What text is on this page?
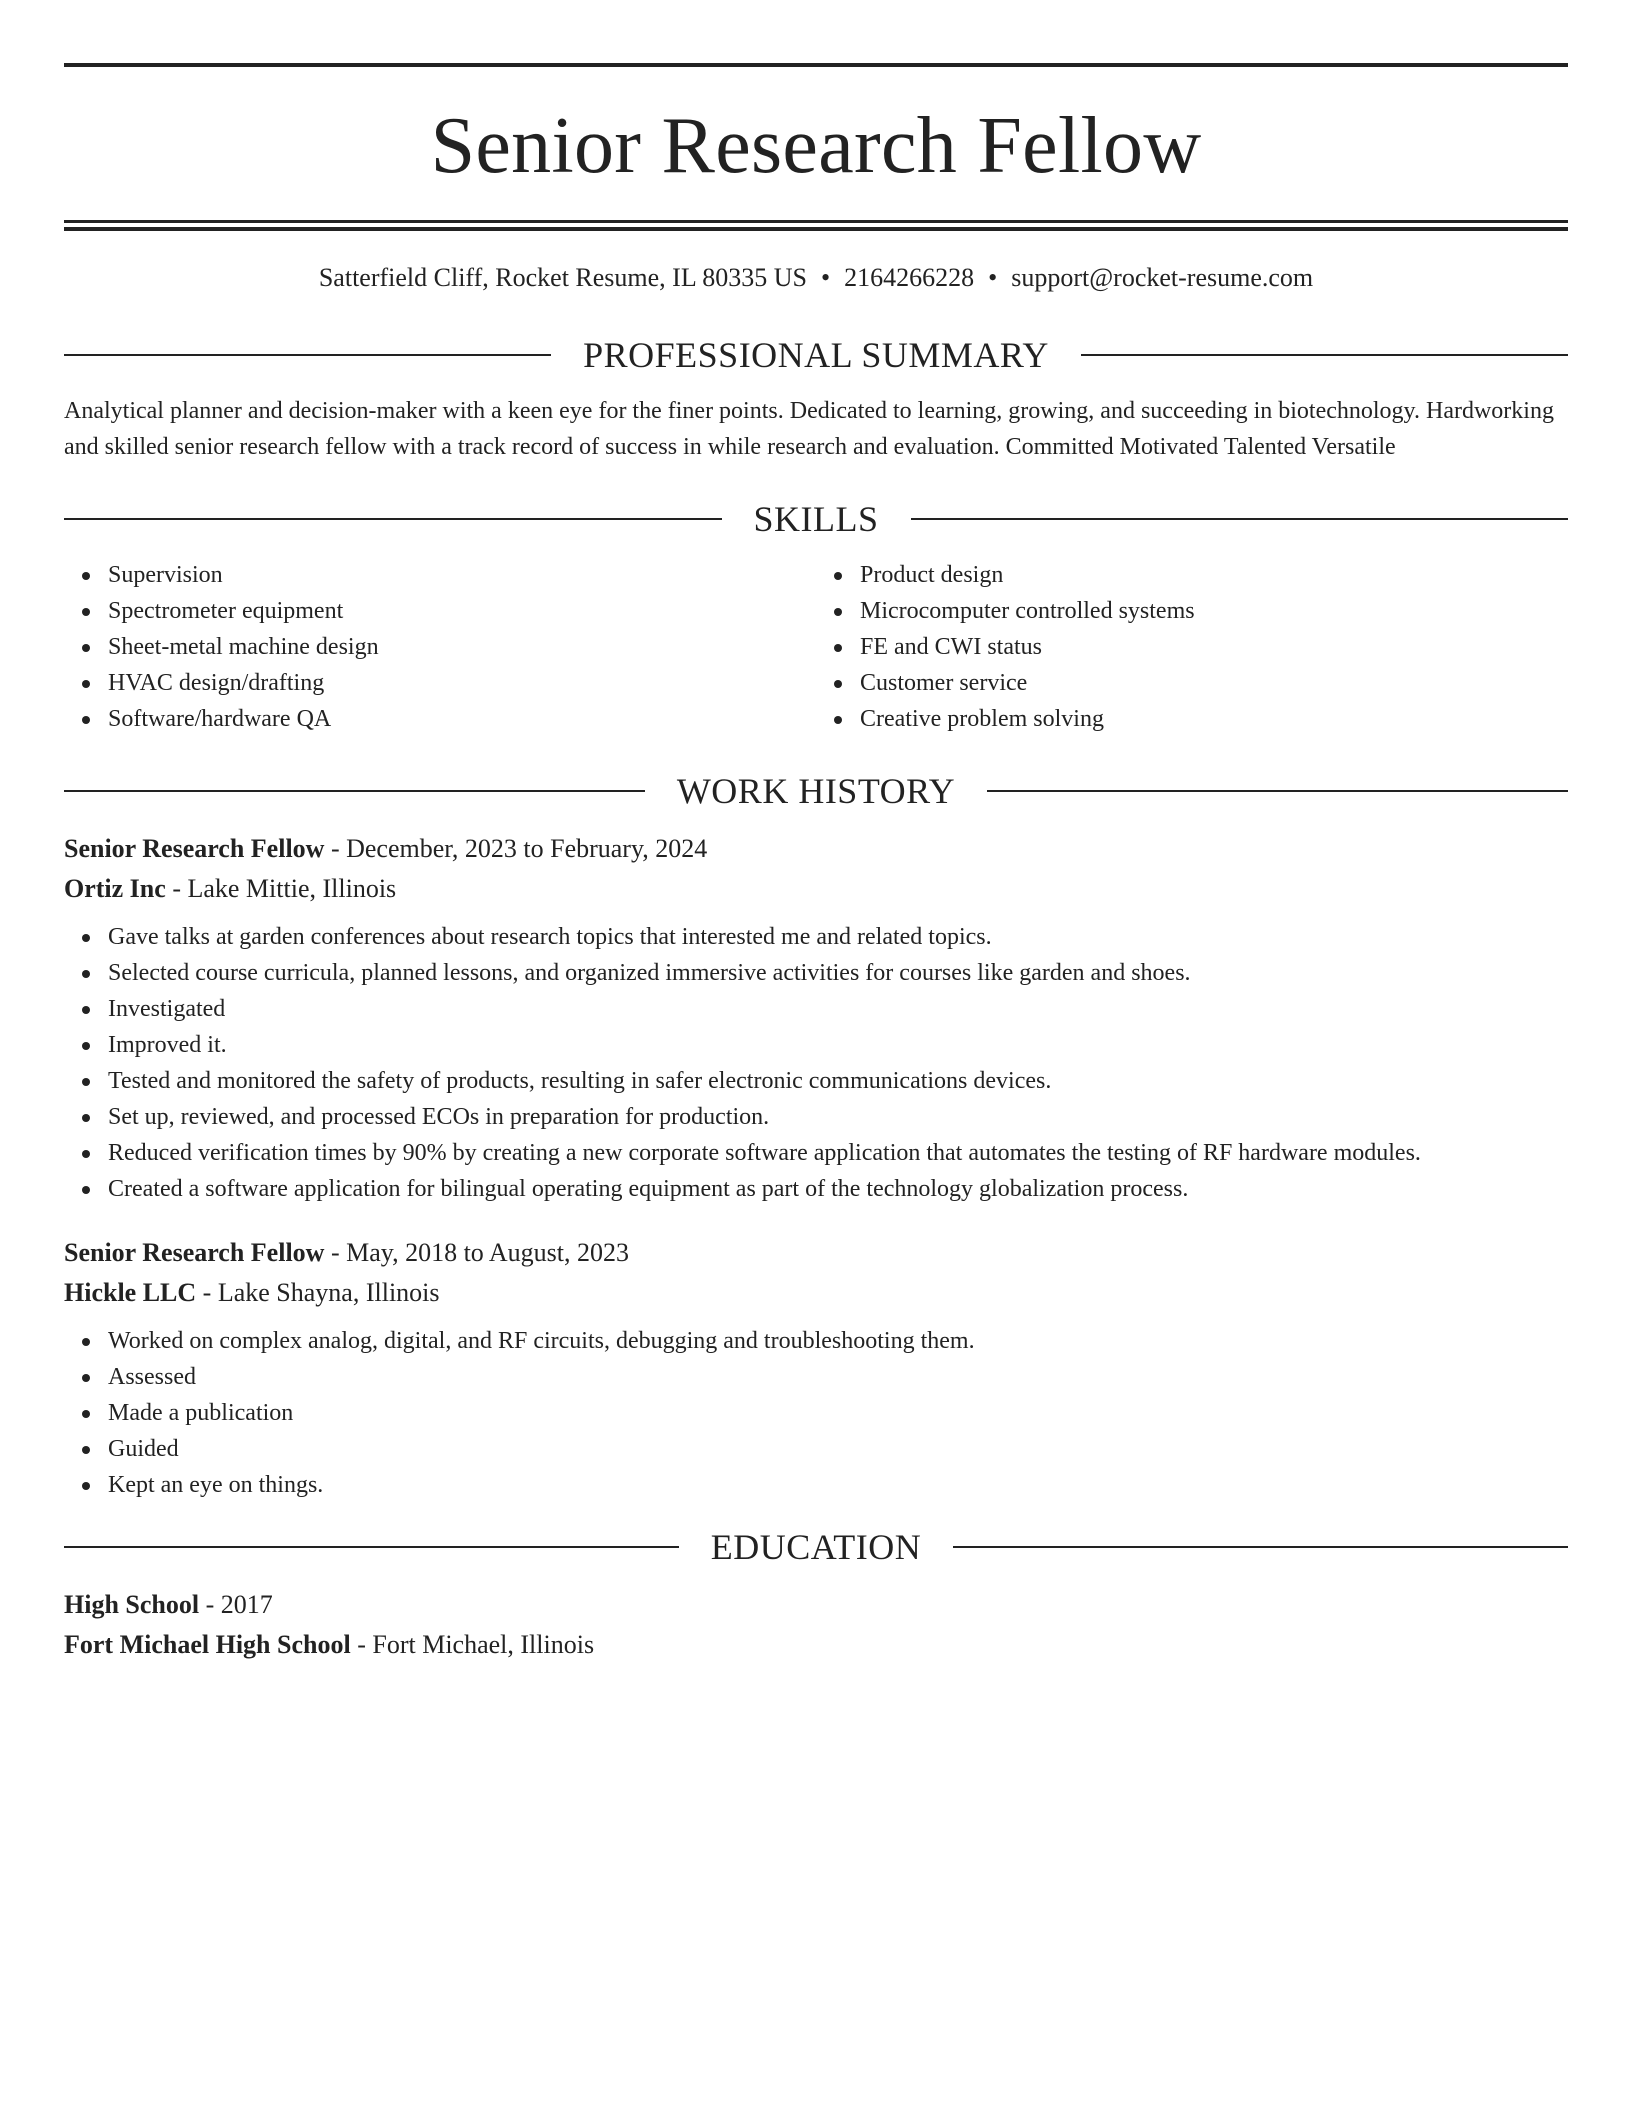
Senior Research Fellow
Satterfield Cliff, Rocket Resume, IL 80335 US • 2164266228 • support@rocket-resume.com
PROFESSIONAL SUMMARY
Analytical planner and decision-maker with a keen eye for the finer points. Dedicated to learning, growing, and succeeding in biotechnology. Hardworking and skilled senior research fellow with a track record of success in while research and evaluation. Committed Motivated Talented Versatile
SKILLS
Supervision
Spectrometer equipment
Sheet-metal machine design
HVAC design/drafting
Software/hardware QA
Product design
Microcomputer controlled systems
FE and CWI status
Customer service
Creative problem solving
WORK HISTORY
Senior Research Fellow - December, 2023 to February, 2024
Ortiz Inc - Lake Mittie, Illinois
Gave talks at garden conferences about research topics that interested me and related topics.
Selected course curricula, planned lessons, and organized immersive activities for courses like garden and shoes.
Investigated
Improved it.
Tested and monitored the safety of products, resulting in safer electronic communications devices.
Set up, reviewed, and processed ECOs in preparation for production.
Reduced verification times by 90% by creating a new corporate software application that automates the testing of RF hardware modules.
Created a software application for bilingual operating equipment as part of the technology globalization process.
Senior Research Fellow - May, 2018 to August, 2023
Hickle LLC - Lake Shayna, Illinois
Worked on complex analog, digital, and RF circuits, debugging and troubleshooting them.
Assessed
Made a publication
Guided
Kept an eye on things.
EDUCATION
High School - 2017
Fort Michael High School - Fort Michael, Illinois
